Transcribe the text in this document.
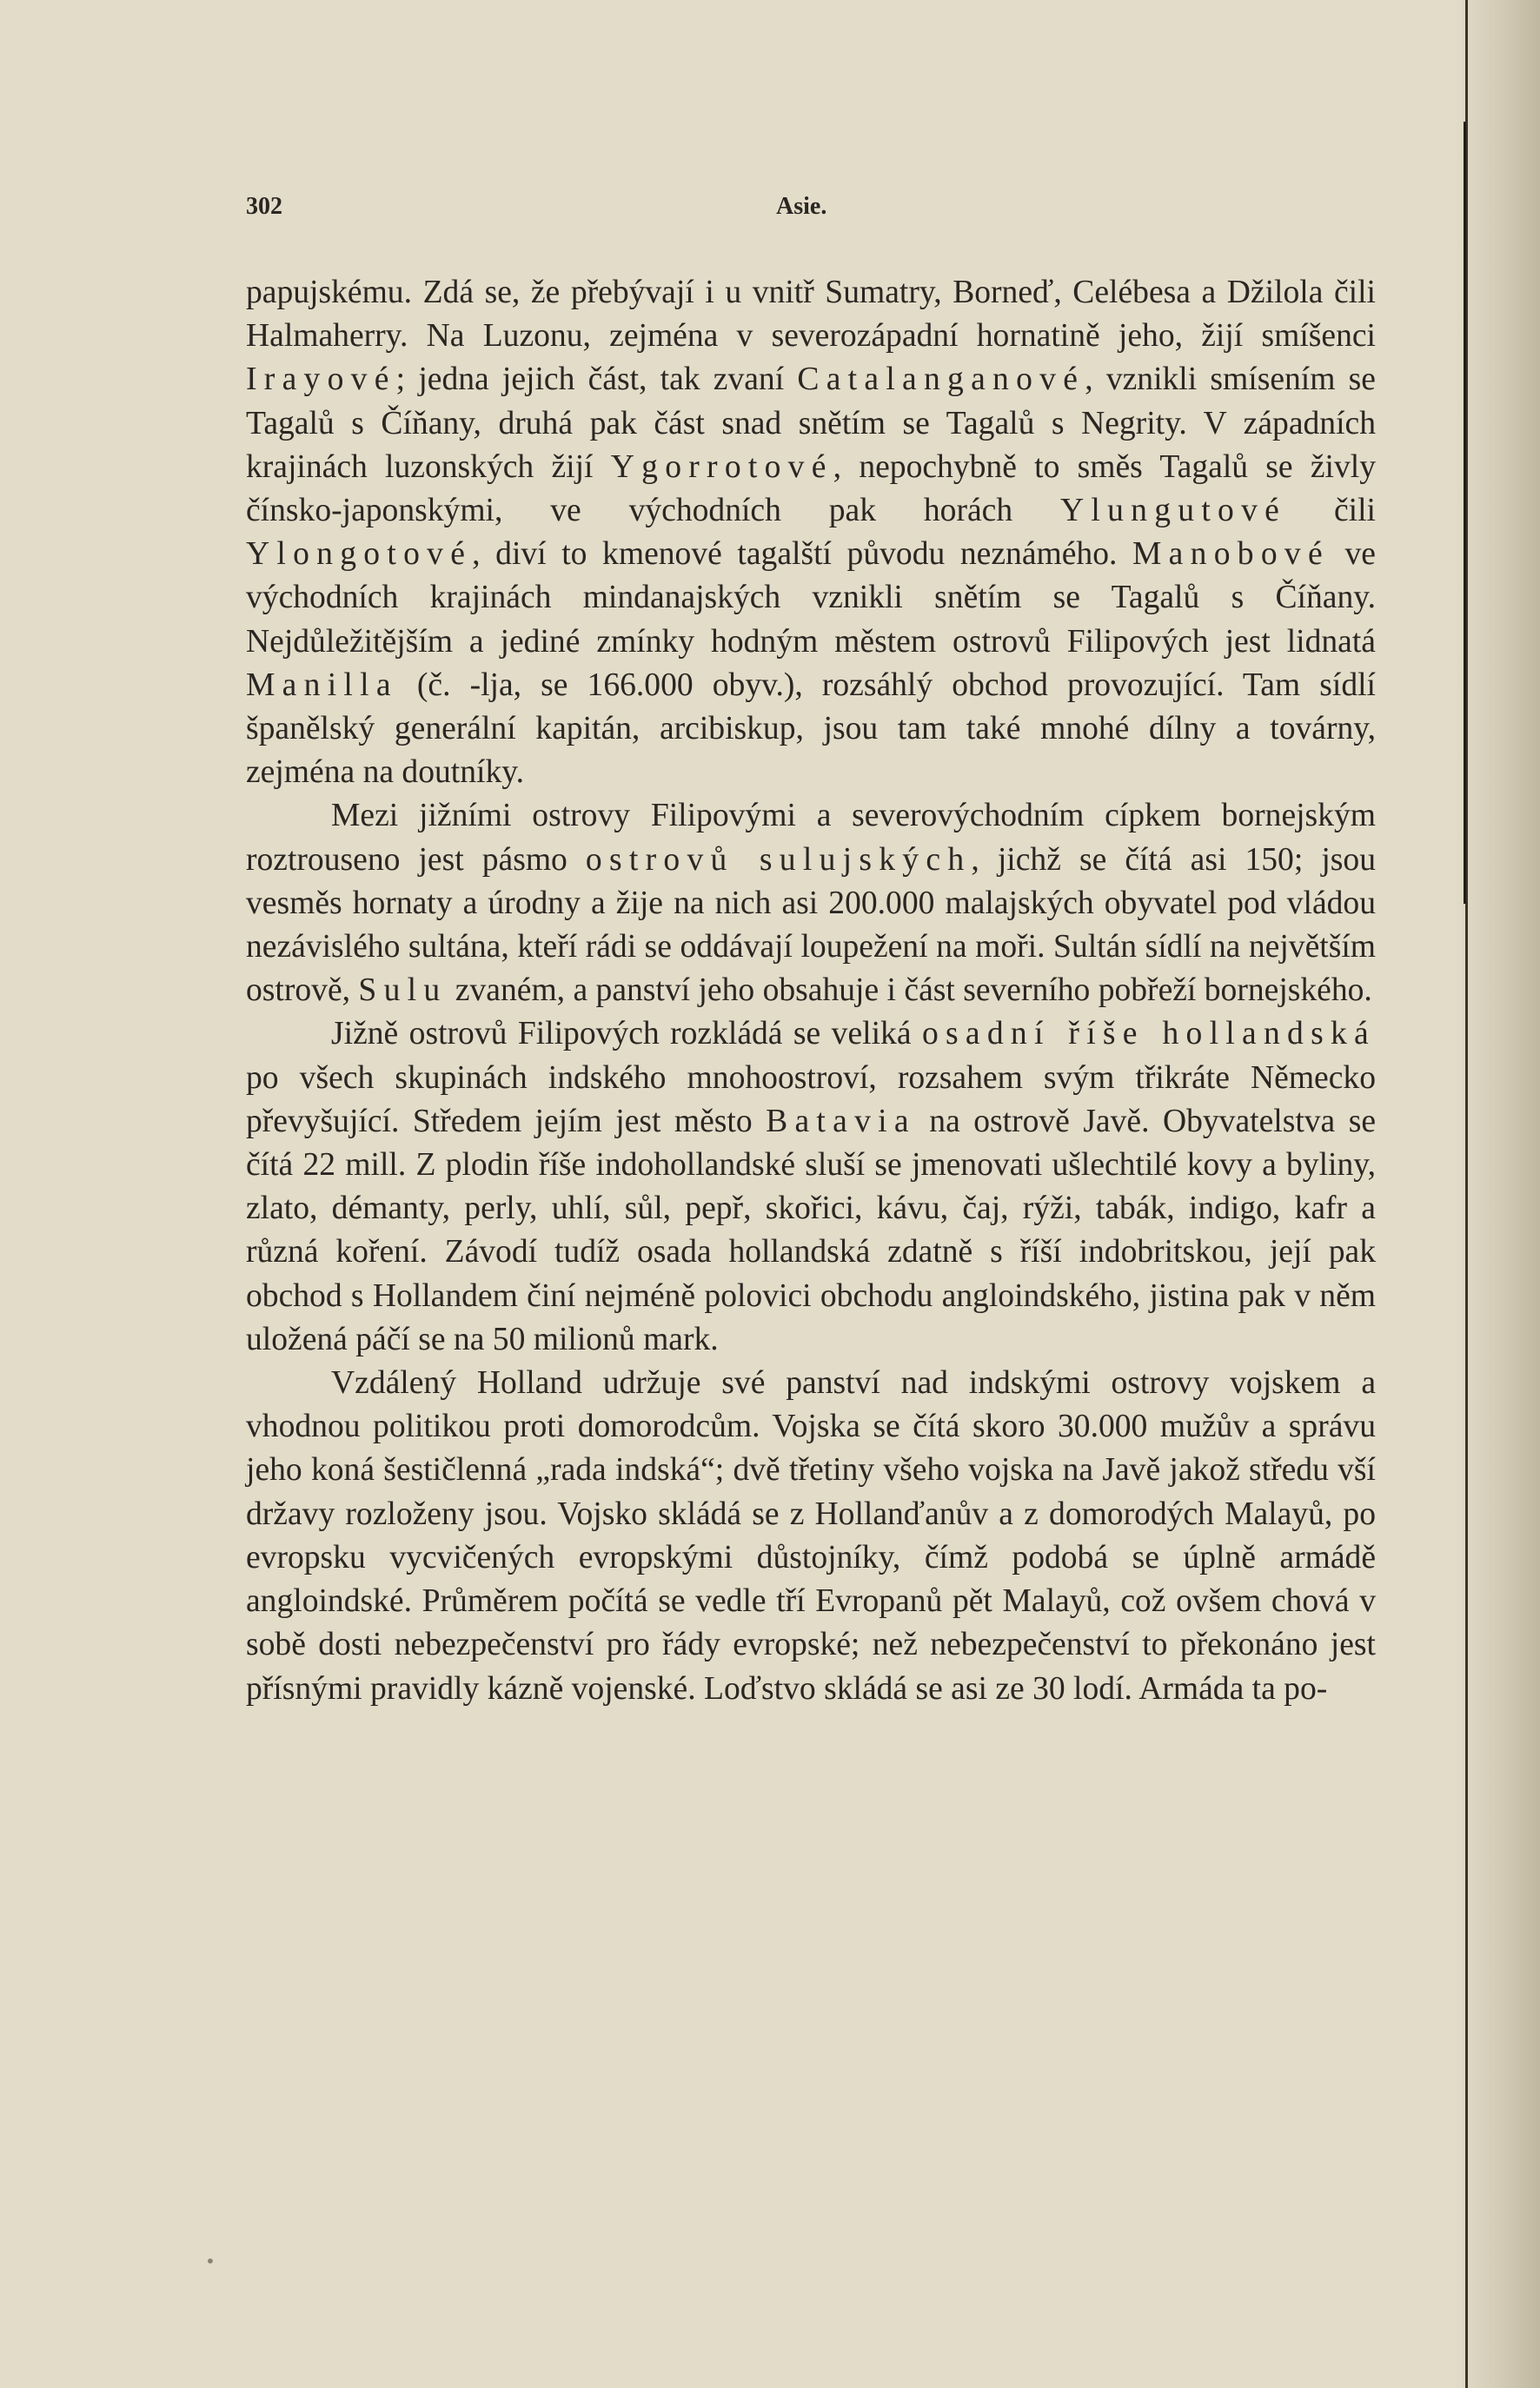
302	Asie.

papujskému. Zdá se, že přebývají i u vnitř Sumatry, Borneď, Celébesa a Džilola čili Halmaherry. Na Luzonu, zejména v severozápadní hornatině jeho, žijí smíšenci Irayové; jedna jejich část, tak zvaní Catalanganové, vznikli smísením se Tagalů s Číňany, druhá pak část snad snětím se Tagalů s Negrity. V západních krajinách luzonských žijí Ygorrotové, nepochybně to směs Tagalů se živly čínsko-japonskými, ve východních pak horách Ylungutové čili Ylongotové, diví to kmenové tagalští původu neznámého. Manobové ve východních krajinách mindanajských vznikli snětím se Tagalů s Číňany. Nejdůležitějším a jediné zmínky hodným městem ostrovů Filipových jest lidnatá Manilla (č. -lja, se 166.000 obyv.), rozsáhlý obchod provozující. Tam sídlí španělský generální kapitán, arcibiskup, jsou tam také mnohé dílny a továrny, zejména na doutníky.

Mezi jižními ostrovy Filipovými a severovýchodním cípkem bornejským roztrouseno jest pásmo ostrovů sulujských, jichž se čítá asi 150; jsou vesměs hornaty a úrodny a žije na nich asi 200.000 malajských obyvatel pod vládou nezávislého sultána, kteří rádi se oddávají loupežení na moři. Sultán sídlí na největším ostrově, Sulu zvaném, a panství jeho obsahuje i část severního pobřeží bornejského.

Jižně ostrovů Filipových rozkládá se veliká osadní říše hollandská po všech skupinách indského mnohoostroví, rozsahem svým třikráte Německo převyšující. Středem jejím jest město Batavia na ostrově Javě. Obyvatelstva se čítá 22 mill. Z plodin říše indohollandské sluší se jmenovati ušlechtilé kovy a byliny, zlato, démanty, perly, uhlí, sůl, pepř, skořici, kávu, čaj, rýži, tabák, indigo, kafr a různá koření. Závodí tudíž osada hollandská zdatně s říší indobritskou, její pak obchod s Hollandem činí nejméně polovici obchodu angloindského, jistina pak v něm uložená páčí se na 50 milionů mark.

Vzdálený Holland udržuje své panství nad indskými ostrovy vojskem a vhodnou politikou proti domorodcům. Vojska se čítá skoro 30.000 mužův a správu jeho koná šestičlenná „rada indská“; dvě třetiny všeho vojska na Javě jakož středu vší državy rozloženy jsou. Vojsko skládá se z Hollanďanův a z domorodých Malayů, po evropsku vycvičených evropskými důstojníky, čímž podobá se úplně armádě angloindské. Průměrem počítá se vedle tří Evropanů pět Malayů, což ovšem chová v sobě dosti nebezpečenství pro řády evropské; než nebezpečenství to překonáno jest přísnými pravidly kázně vojenské. Loďstvo skládá se asi ze 30 lodí. Armáda ta po-

•
